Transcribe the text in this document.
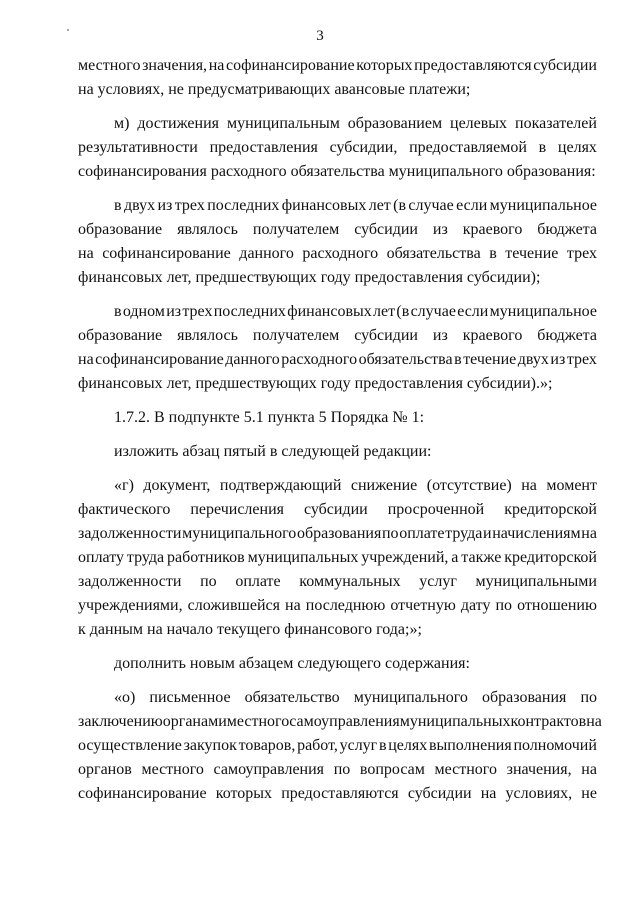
3
местного значения, на софинансирование которых предоставляются субсидии
на условиях, не предусматривающих авансовые платежи;
м) достижения муниципальным образованием целевых показателей
результативности предоставления субсидии, предоставляемой в целях
софинансирования расходного обязательства муниципального образования:
в двух из трех последних финансовых лет (в случае если муниципальное
образование являлось получателем субсидии из краевого бюджета
на софинансирование данного расходного обязательства в течение трех
финансовых лет, предшествующих году предоставления субсидии);
в одном из трех последних финансовых лет (в случае если муниципальное
образование являлось получателем субсидии из краевого бюджета
на софинансирование данного расходного обязательства в течение двух из трех
финансовых лет, предшествующих году предоставления субсидии).»;
1.7.2. В подпункте 5.1 пункта 5 Порядка № 1:
изложить абзац пятый в следующей редакции:
«г) документ, подтверждающий снижение (отсутствие) на момент
фактического перечисления субсидии просроченной кредиторской
задолженности муниципального образования по оплате труда и начислениям на
оплату труда работников муниципальных учреждений, а также кредиторской
задолженности по оплате коммунальных услуг муниципальными
учреждениями, сложившейся на последнюю отчетную дату по отношению
к данным на начало текущего финансового года;»;
дополнить новым абзацем следующего содержания:
«о) письменное обязательство муниципального образования по
заключению органами местного самоуправления муниципальных контрактов на
осуществление закупок товаров, работ, услуг в целях выполнения полномочий
органов местного самоуправления по вопросам местного значения, на
софинансирование которых предоставляются субсидии на условиях, не
